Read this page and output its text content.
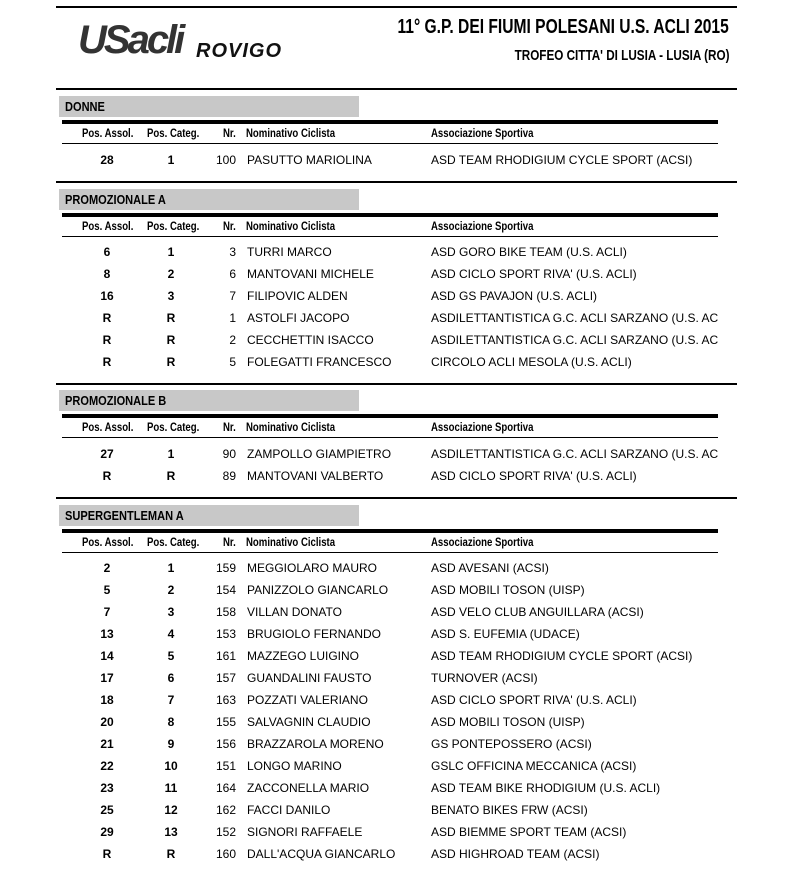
USacli ROVIGO
11° G.P. DEI FIUMI POLESANI U.S. ACLI 2015
TROFEO CITTA' DI LUSIA - LUSIA (RO)
DONNE
Pos. Assol. Pos. Categ. Nr. Nominativo Ciclista	Associazione Sportiva
28	1	100 PASUTTO MARIOLINA	ASD TEAM RHODIGIUM CYCLE SPORT (ACSI)
PROMOZIONALE A
Pos. Assol. Pos. Categ. Nr. Nominativo Ciclista	Associazione Sportiva
6	1	3 TURRI MARCO	ASD GORO BIKE TEAM (U.S. ACLI)
8	2	6 MANTOVANI MICHELE	ASD CICLO SPORT RIVA' (U.S. ACLI)
16	3	7 FILIPOVIC ALDEN	ASD GS PAVAJON (U.S. ACLI)
R	R	1 ASTOLFI JACOPO	ASDILETTANTISTICA G.C. ACLI SARZANO (U.S. AC
R	R	2 CECCHETTIN ISACCO	ASDILETTANTISTICA G.C. ACLI SARZANO (U.S. AC
R	R	5 FOLEGATTI FRANCESCO	CIRCOLO ACLI MESOLA (U.S. ACLI)
PROMOZIONALE B
Pos. Assol. Pos. Categ. Nr. Nominativo Ciclista	Associazione Sportiva
27	1	90 ZAMPOLLO GIAMPIETRO	ASDILETTANTISTICA G.C. ACLI SARZANO (U.S. AC
R	R	89 MANTOVANI VALBERTO	ASD CICLO SPORT RIVA' (U.S. ACLI)
SUPERGENTLEMAN A
Pos. Assol. Pos. Categ. Nr. Nominativo Ciclista	Associazione Sportiva
2	1	159 MEGGIOLARO MAURO	ASD AVESANI (ACSI)
5	2	154 PANIZZOLO GIANCARLO	ASD MOBILI TOSON (UISP)
7	3	158 VILLAN DONATO	ASD VELO CLUB ANGUILLARA (ACSI)
13	4	153 BRUGIOLO FERNANDO	ASD S. EUFEMIA (UDACE)
14	5	161 MAZZEGO LUIGINO	ASD TEAM RHODIGIUM CYCLE SPORT (ACSI)
17	6	157 GUANDALINI FAUSTO	TURNOVER (ACSI)
18	7	163 POZZATI VALERIANO	ASD CICLO SPORT RIVA' (U.S. ACLI)
20	8	155 SALVAGNIN CLAUDIO	ASD MOBILI TOSON (UISP)
21	9	156 BRAZZAROLA MORENO	GS PONTEPOSSERO (ACSI)
22	10	151 LONGO MARINO	GSLC OFFICINA MECCANICA (ACSI)
23	11	164 ZACCONELLA MARIO	ASD TEAM BIKE RHODIGIUM (U.S. ACLI)
25	12	162 FACCI DANILO	BENATO BIKES FRW (ACSI)
29	13	152 SIGNORI RAFFAELE	ASD BIEMME SPORT TEAM (ACSI)
R	R	160 DALL'ACQUA GIANCARLO	ASD HIGHROAD TEAM (ACSI)
